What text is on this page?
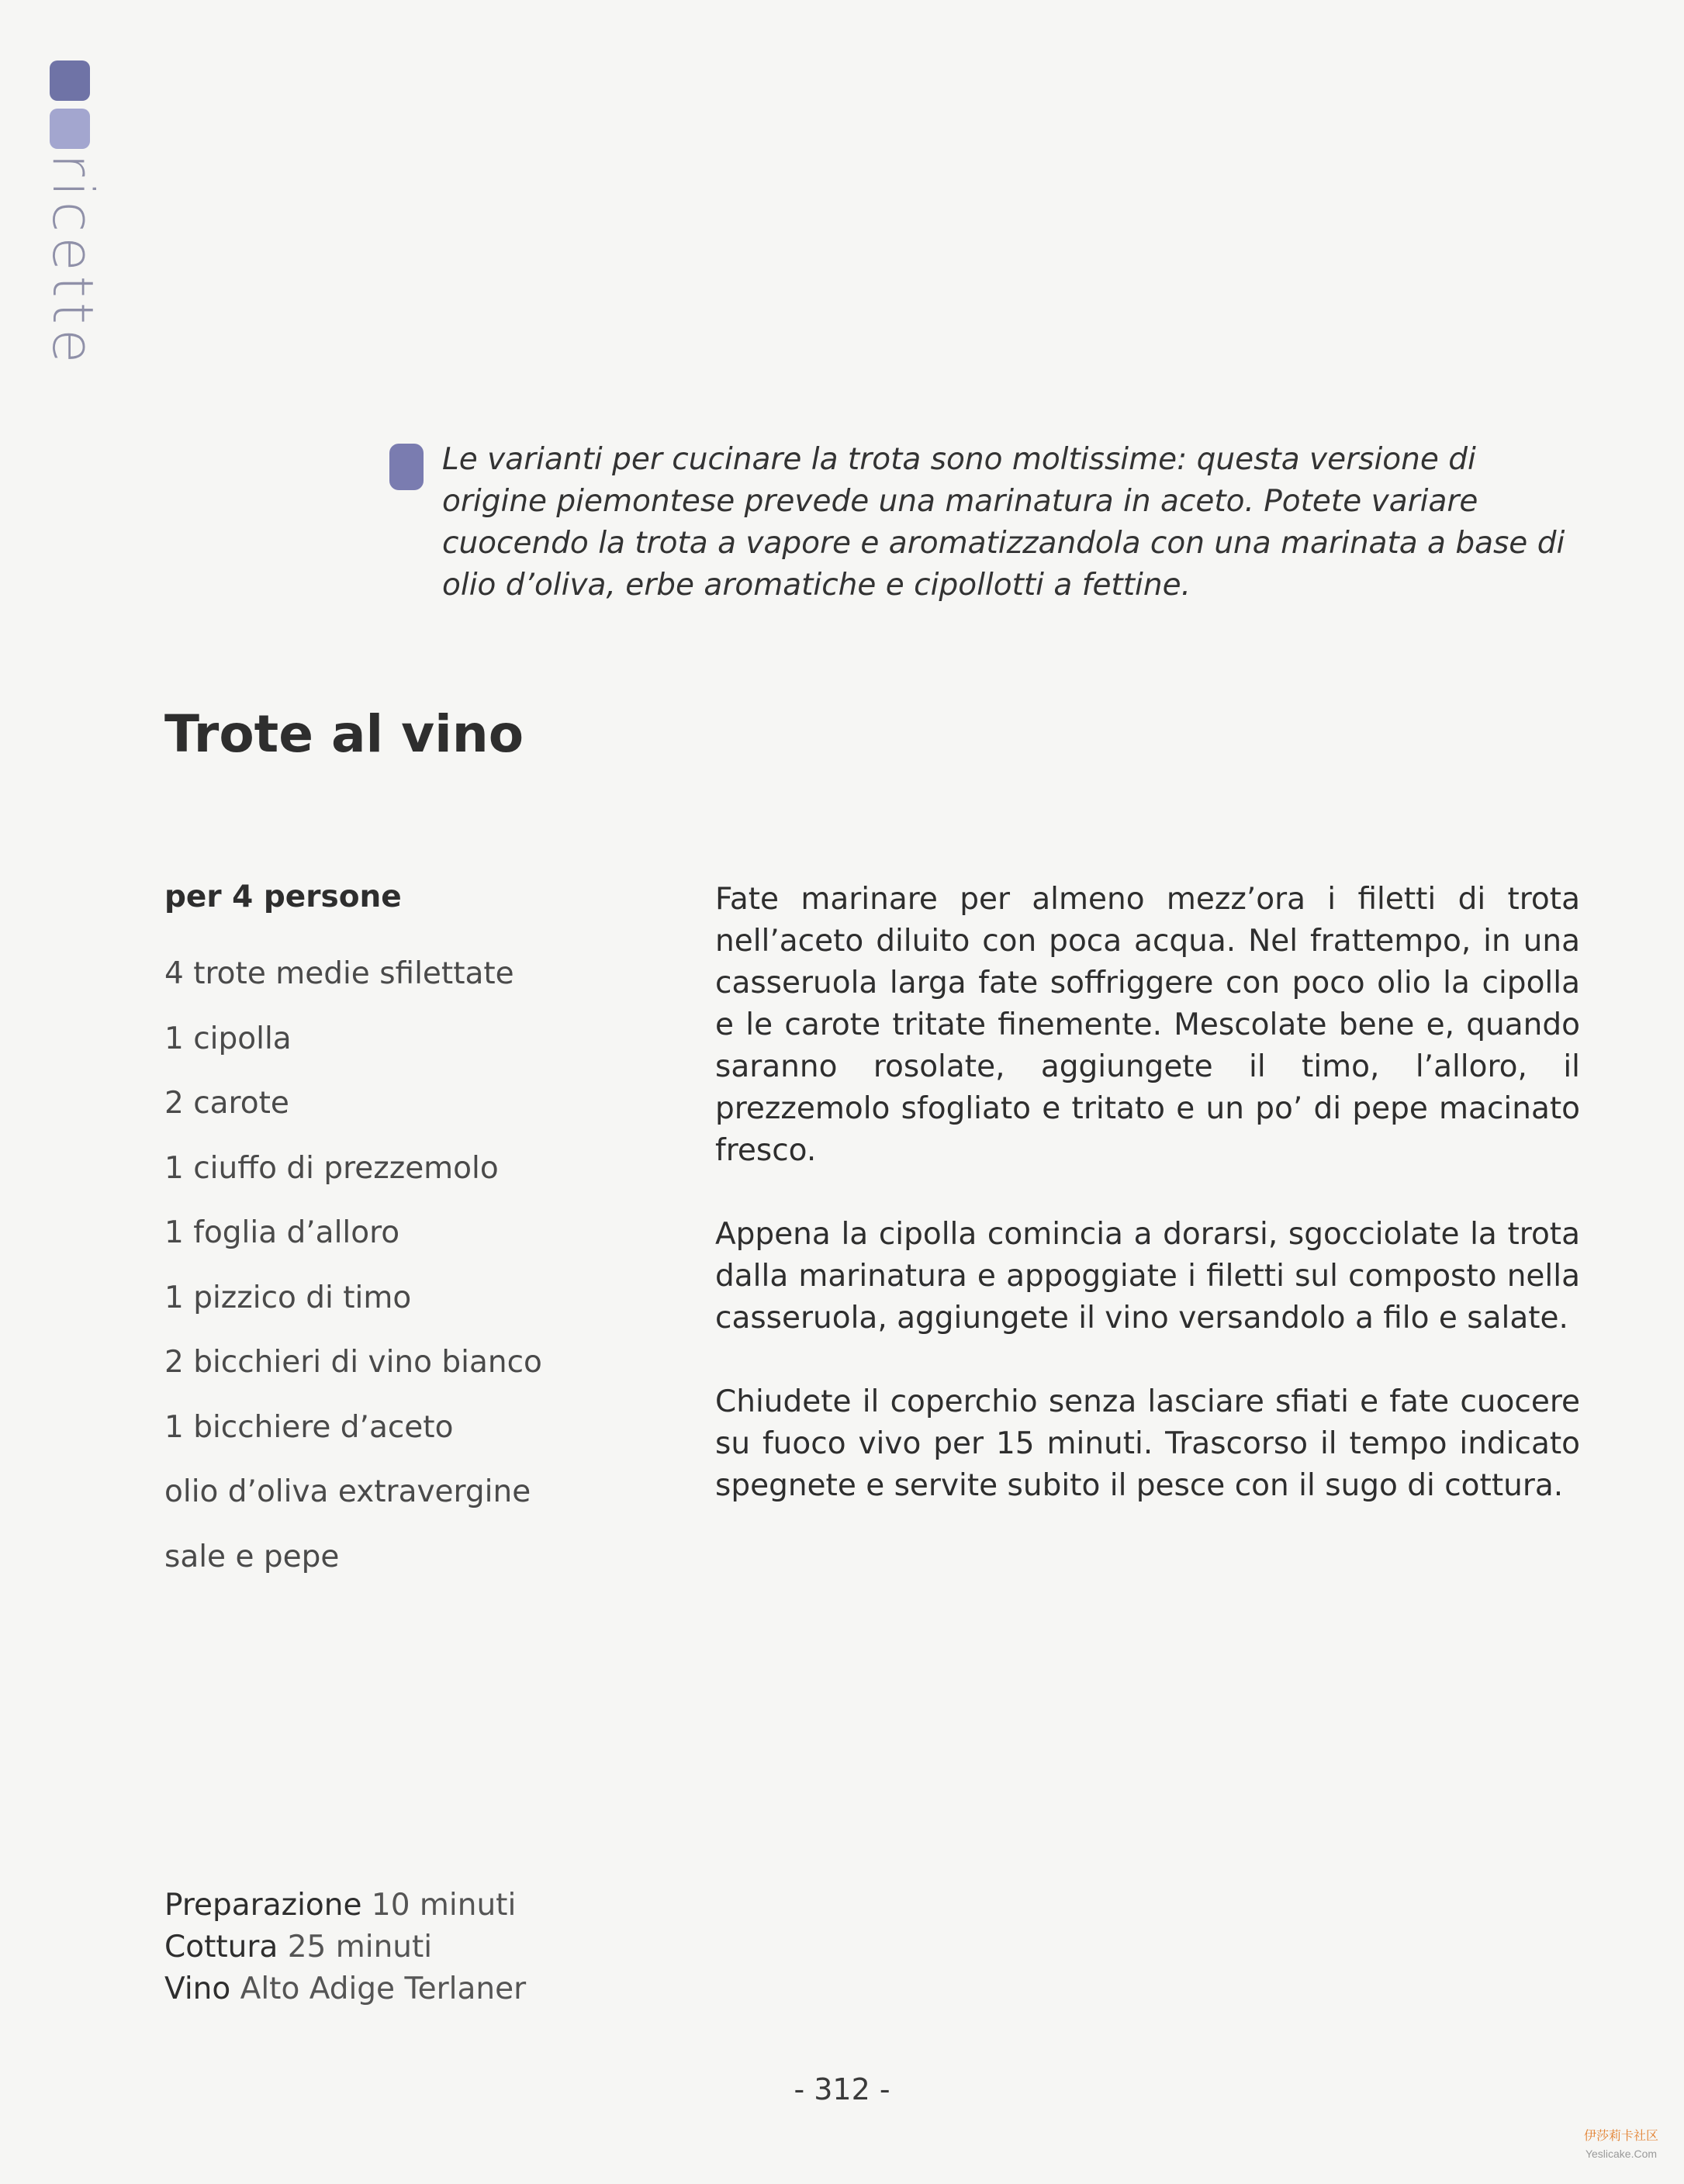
ricette
Le varianti per cucinare la trota sono moltissime: questa versione di origine piemontese prevede una marinatura in aceto. Potete variare cuocendo la trota a vapore e aromatizzandola con una marinata a base di olio d’oliva, erbe aromatiche e cipollotti a fettine.
Trote al vino
per 4 persone
4 trote medie sfilettate
1 cipolla
2 carote
1 ciuffo di prezzemolo
1 foglia d’alloro
1 pizzico di timo
2 bicchieri di vino bianco
1 bicchiere d’aceto
olio d’oliva extravergine
sale e pepe

Fate marinare per almeno mezz’ora i filetti di trota nell’aceto diluito con poca acqua. Nel frattempo, in una casseruola larga fate soffriggere con poco olio la cipolla e le carote tritate finemente. Mescolate bene e, quando saranno rosolate, aggiungete il timo, l’alloro, il prezzemolo sfogliato e tritato e un po’ di pepe macinato fresco.

Appena la cipolla comincia a dorarsi, sgocciolate la trota dalla marinatura e appoggiate i filetti sul composto nella casseruola, aggiungete il vino versandolo a filo e salate.

Chiudete il coperchio senza lasciare sfiati e fate cuocere su fuoco vivo per 15 minuti. Trascorso il tempo indicato spegnete e servite subito il pesce con il sugo di cottura.

Preparazione 10 minuti
Cottura 25 minuti
Vino Alto Adige Terlaner
- 312 -
伊莎莉卡社区
Yeslicake.Com
